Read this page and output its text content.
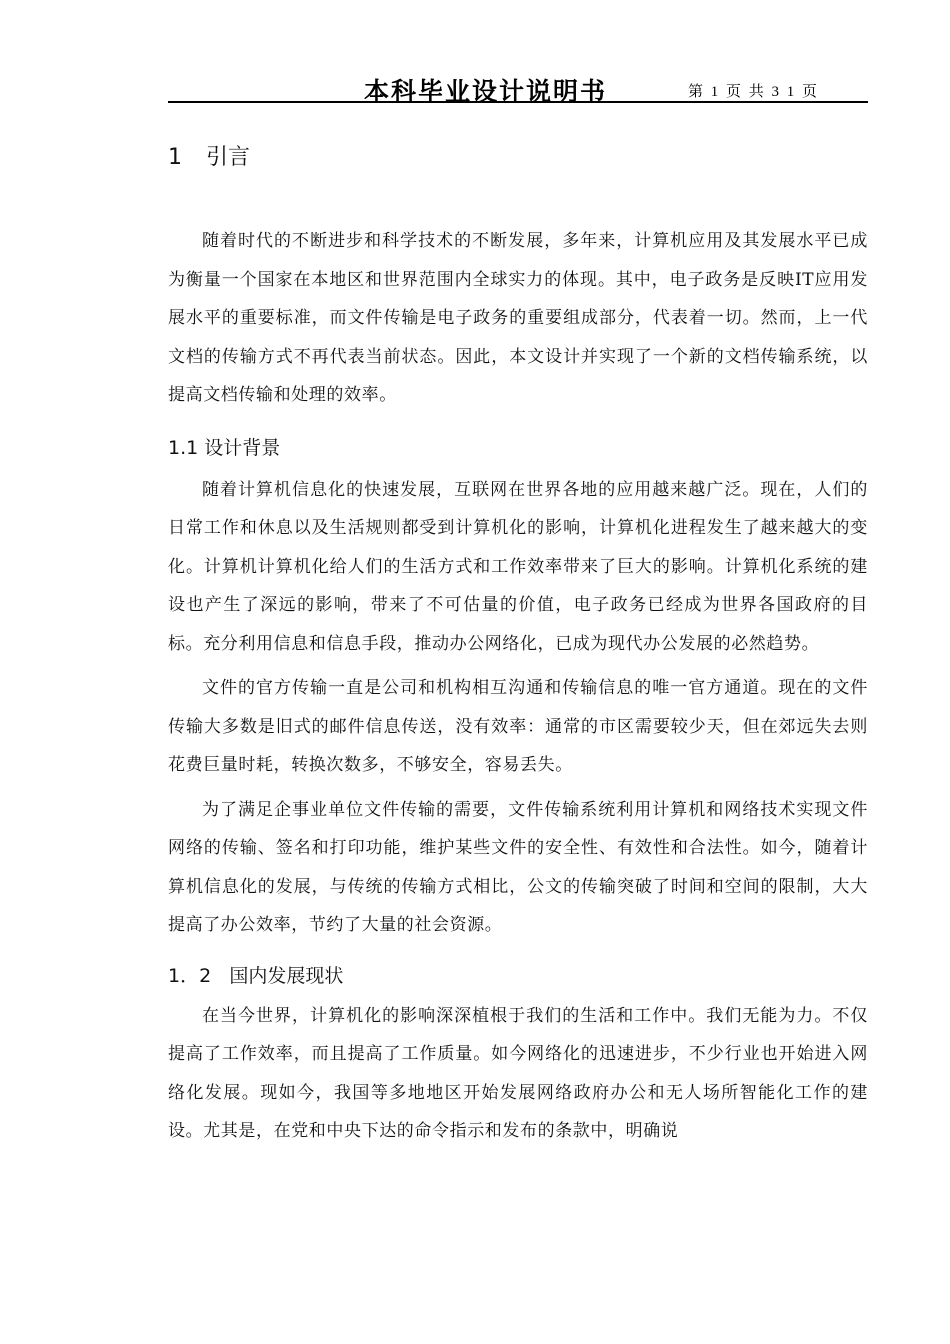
本科毕业设计说明书	第 1 页 共 3 1 页
1 引言

随着时代的不断进步和科学技术的不断发展，多年来，计算机应用及其发展水平已成为衡量一个国家在本地区和世界范围内全球实力的体现。其中，电子政务是反映IT应用发展水平的重要标准，而文件传输是电子政务的重要组成部分，代表着一切。然而，上一代文档的传输方式不再代表当前状态。因此，本文设计并实现了一个新的文档传输系统，以提高文档传输和处理的效率。

1.1 设计背景

随着计算机信息化的快速发展，互联网在世界各地的应用越来越广泛。现在，人们的日常工作和休息以及生活规则都受到计算机化的影响，计算机化进程发生了越来越大的变化。计算机计算机化给人们的生活方式和工作效率带来了巨大的影响。计算机化系统的建设也产生了深远的影响，带来了不可估量的价值，电子政务已经成为世界各国政府的目标。充分利用信息和信息手段，推动办公网络化，已成为现代办公发展的必然趋势。

文件的官方传输一直是公司和机构相互沟通和传输信息的唯一官方通道。现在的文件传输大多数是旧式的邮件信息传送，没有效率：通常的市区需要较少天，但在郊远失去则花费巨量时耗，转换次数多，不够安全，容易丢失。

为了满足企事业单位文件传输的需要，文件传输系统利用计算机和网络技术实现文件网络的传输、签名和打印功能，维护某些文件的安全性、有效性和合法性。如今，随着计算机信息化的发展，与传统的传输方式相比，公文的传输突破了时间和空间的限制，大大提高了办公效率，节约了大量的社会资源。

1．2 国内发展现状

在当今世界，计算机化的影响深深植根于我们的生活和工作中。我们无能为力。不仅提高了工作效率，而且提高了工作质量。如今网络化的迅速进步，不少行业也开始进入网络化发展。现如今，我国等多地地区开始发展网络政府办公和无人场所智能化工作的建设。尤其是，在党和中央下达的命令指示和发布的条款中，明确说
